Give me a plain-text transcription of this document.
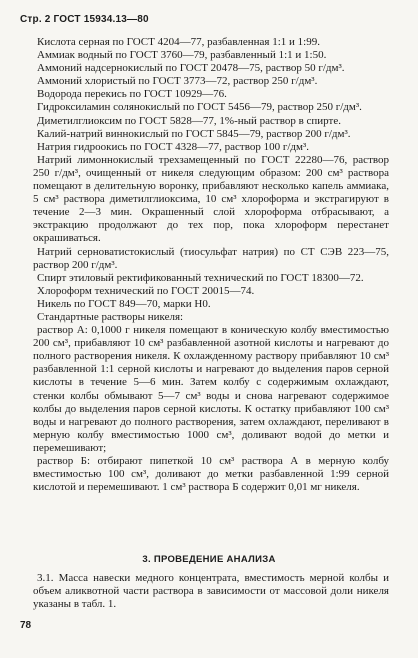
Стр. 2 ГОСТ 15934.13—80

Кислота серная по ГОСТ 4204—77, разбавленная 1:1 и 1:99.

Аммиак водный по ГОСТ 3760—79, разбавленный 1:1 и 1:50.

Аммоний надсернокислый по ГОСТ 20478—75, раствор 50 г/дм³.

Аммоний хлористый по ГОСТ 3773—72, раствор 250 г/дм³.

Водорода перекись по ГОСТ 10929—76.

Гидроксиламин солянокислый по ГОСТ 5456—79, раствор 250 г/дм³.

Диметилглиоксим по ГОСТ 5828—77, 1%-ный раствор в спирте.

Калий-натрий виннокислый по ГОСТ 5845—79, раствор 200 г/дм³.

Натрия гидроокись по ГОСТ 4328—77, раствор 100 г/дм³.

Натрий лимоннокислый трехзамещенный по ГОСТ 22280—76, раствор 250 г/дм³, очищенный от никеля следующим образом: 200 см³ раствора помещают в делительную воронку, прибавляют несколько капель аммиака, 5 см³ раствора диметилглиоксима, 10 см³ хлороформа и экстрагируют в течение 2—3 мин. Окрашенный слой хлороформа отбрасывают, а экстракцию продолжают до тех пор, пока хлороформ перестанет окрашиваться.

Натрий серноватистокислый (тиосульфат натрия) по СТ СЭВ 223—75, раствор 200 г/дм³.

Спирт этиловый ректификованный технический по ГОСТ 18300—72.

Хлороформ технический по ГОСТ 20015—74.

Никель по ГОСТ 849—70, марки Н0.

Стандартные растворы никеля:

раствор А: 0,1000 г никеля помещают в коническую колбу вместимостью 200 см³, прибавляют 10 см³ разбавленной азотной кислоты и нагревают до полного растворения никеля. К охлажденному раствору прибавляют 10 см³ разбавленной 1:1 серной кислоты и нагревают до выделения паров серной кислоты в течение 5—6 мин. Затем колбу с содержимым охлаждают, стенки колбы обмывают 5—7 см³ воды и снова нагревают содержимое колбы до выделения паров серной кислоты. К остатку прибавляют 100 см³ воды и нагревают до полного растворения, затем охлаждают, переливают в мерную колбу вместимостью 1000 см³, доливают водой до метки и перемешивают;

раствор Б: отбирают пипеткой 10 см³ раствора А в мерную колбу вместимостью 100 см³, доливают до метки разбавленной 1:99 серной кислотой и перемешивают. 1 см³ раствора Б содержит 0,01 мг никеля.

3. ПРОВЕДЕНИЕ АНАЛИЗА

3.1. Масса навески медного концентрата, вместимость мерной колбы и объем аликвотной части раствора в зависимости от массовой доли никеля указаны в табл. 1.

78
